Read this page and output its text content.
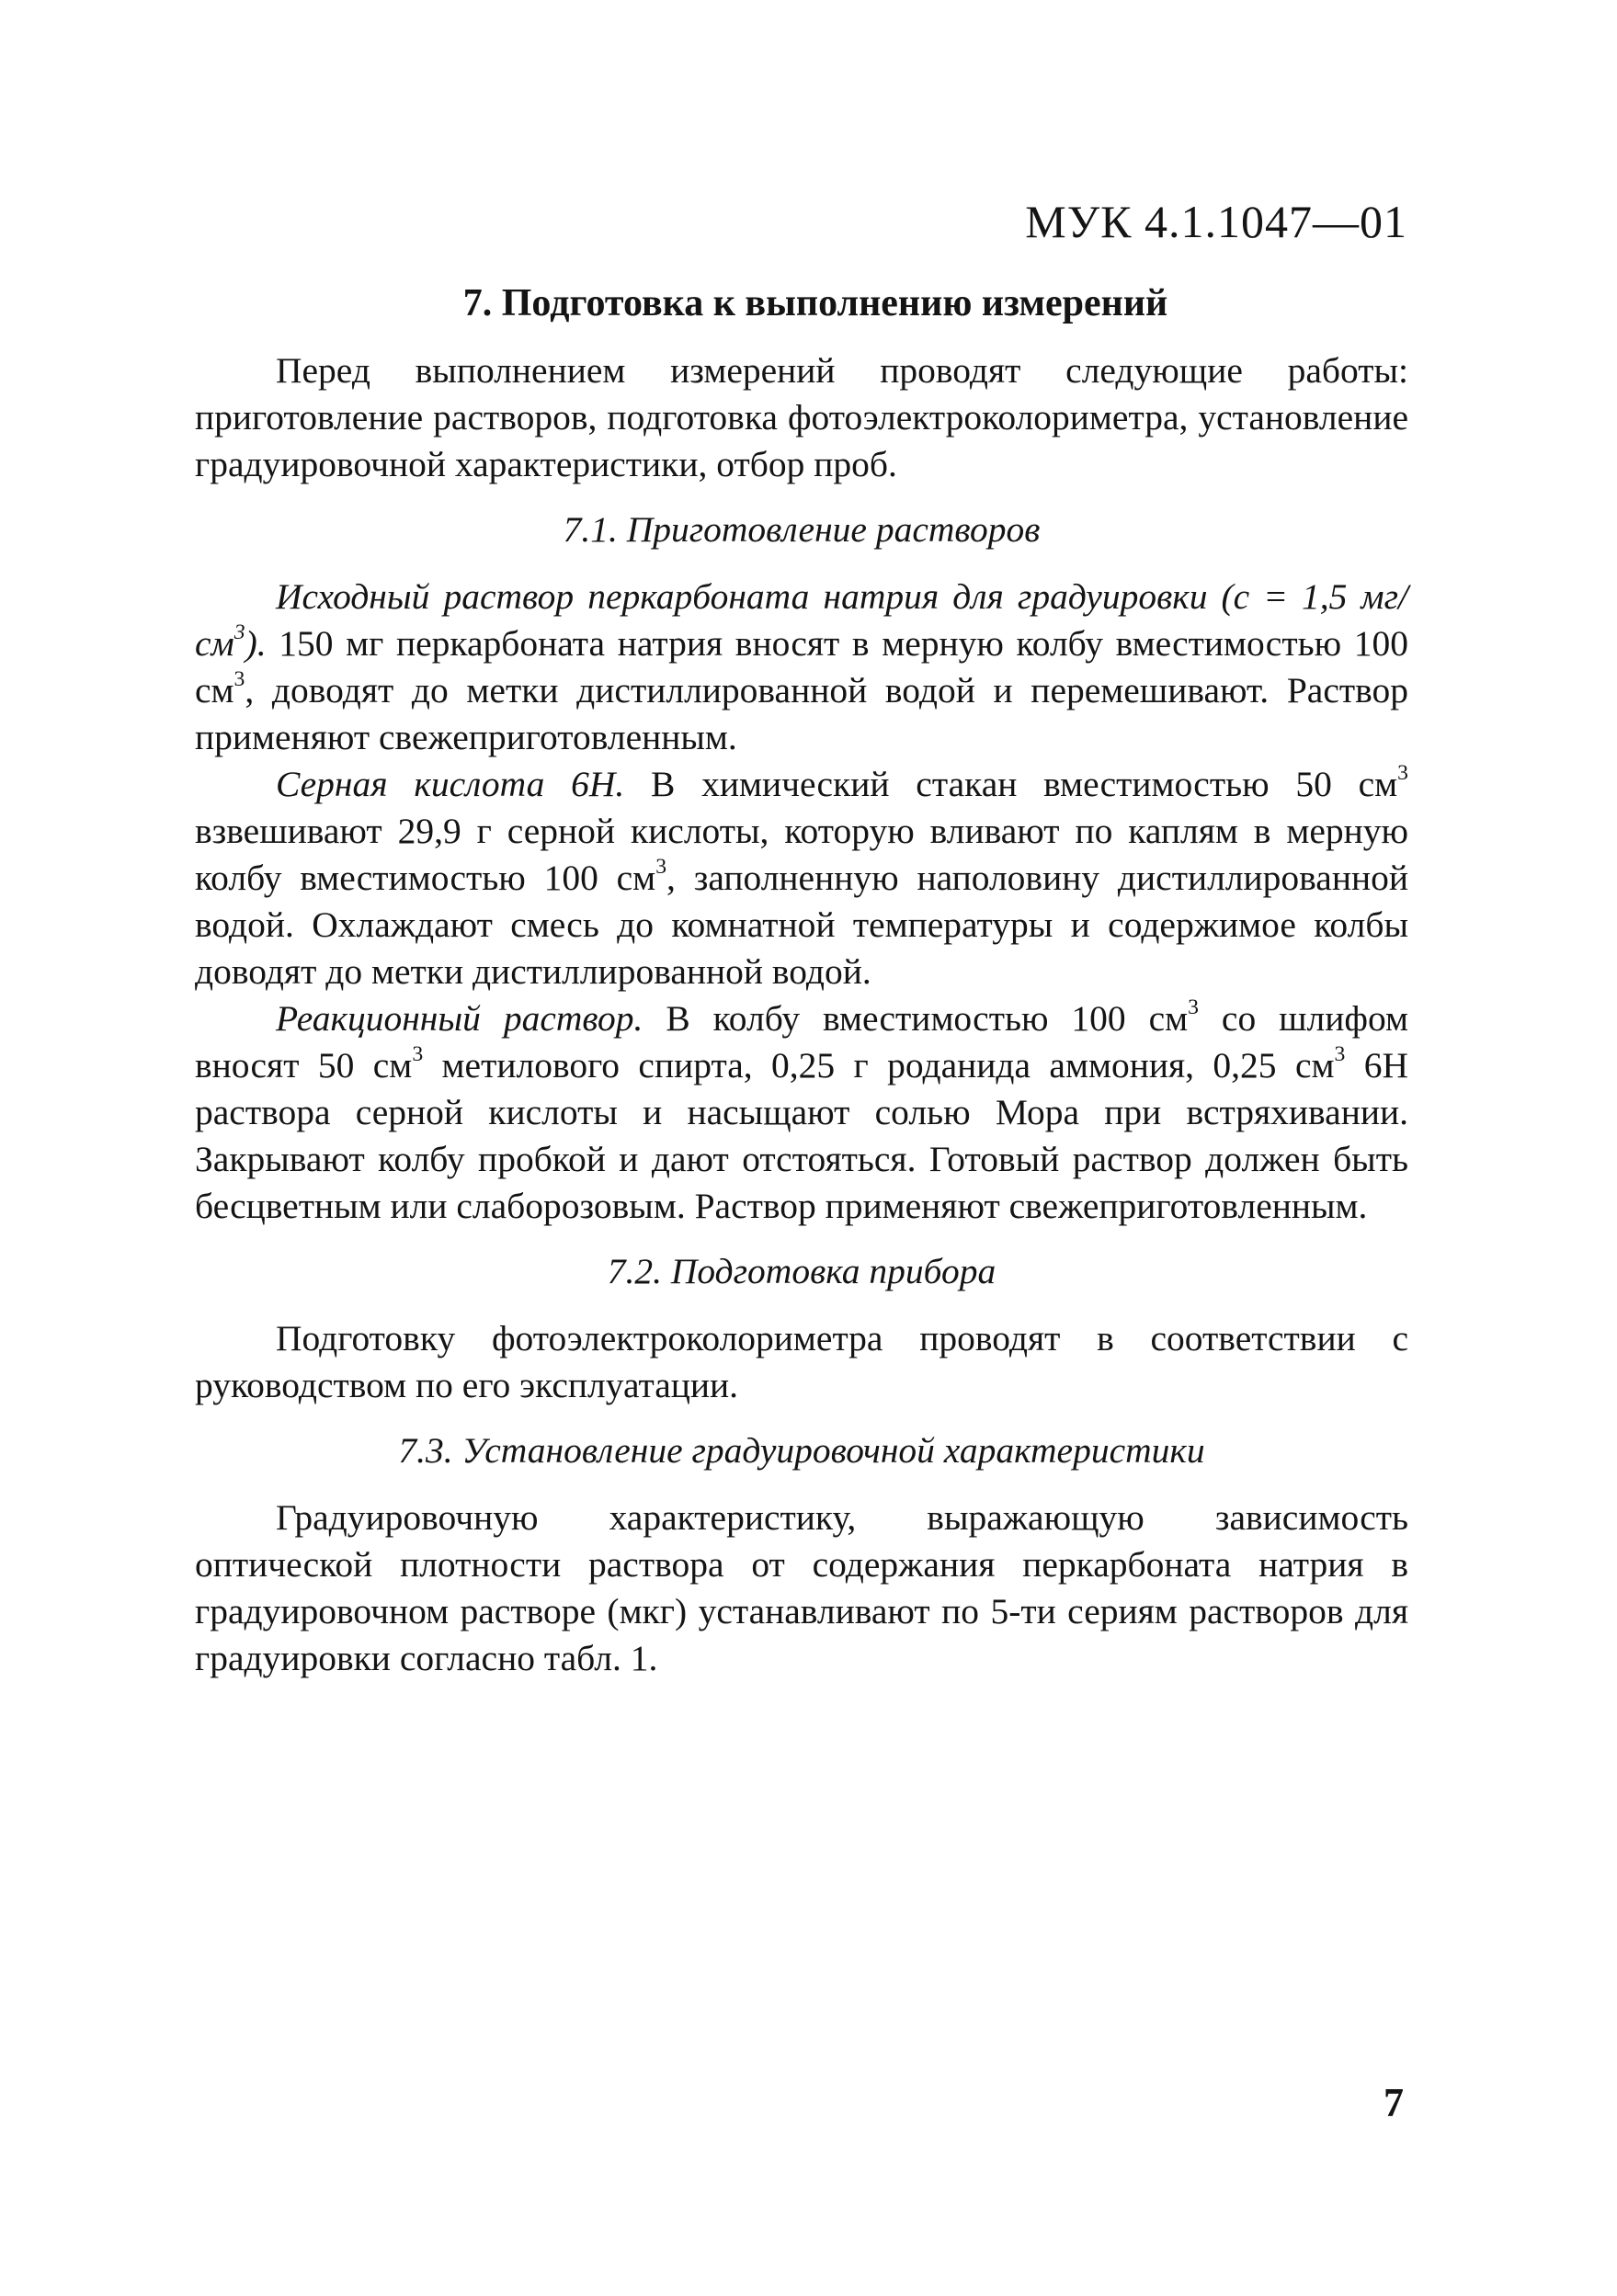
МУК 4.1.1047—01
7. Подготовка к выполнению измерений

Перед выполнением измерений проводят следующие работы: приготовление растворов, подготовка фотоэлектроколориметра, установление градуировочной характеристики, отбор проб.

7.1. Приготовление растворов

Исходный раствор перкарбоната натрия для градуировки (с = 1,5 $мг/см^3$). 150 мг перкарбоната натрия вносят в мерную колбу вместимостью 100 $см^3$, доводят до метки дистиллированной водой и перемешивают. Раствор применяют свежеприготовленным.

Серная кислота 6Н. В химический стакан вместимостью 50 $см^3$ взвешивают 29,9 г серной кислоты, которую вливают по каплям в мерную колбу вместимостью 100 $см^3$, заполненную наполовину дистиллированной водой. Охлаждают смесь до комнатной температуры и содержимое колбы доводят до метки дистиллированной водой.

Реакционный раствор. В колбу вместимостью 100 $см^3$ со шлифом вносят 50 $см^3$ метилового спирта, 0,25 г роданида аммония, 0,25 $см^3$ 6Н раствора серной кислоты и насыщают солью Мора при встряхивании. Закрывают колбу пробкой и дают отстояться. Готовый раствор должен быть бесцветным или слаборозовым. Раствор применяют свежеприготовленным.

7.2. Подготовка прибора

Подготовку фотоэлектроколориметра проводят в соответствии с руководством по его эксплуатации.

7.3. Установление градуировочной характеристики

Градуировочную характеристику, выражающую зависимость оптической плотности раствора от содержания перкарбоната натрия в градуировочном растворе (мкг) устанавливают по 5-ти сериям растворов для градуировки согласно табл. 1.

7
